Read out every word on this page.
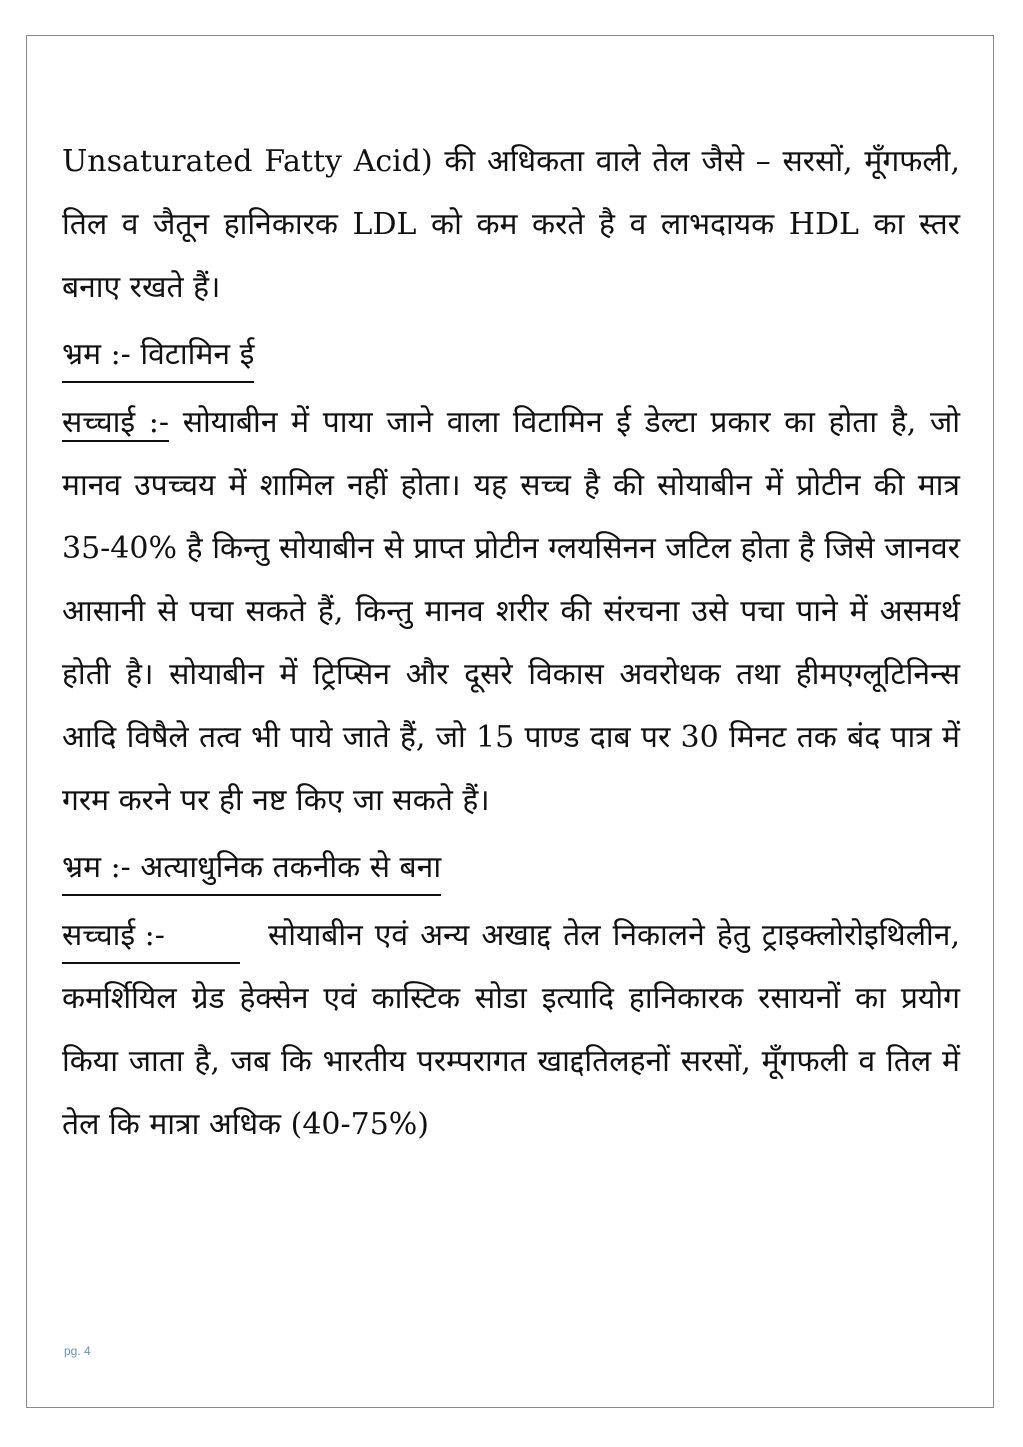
Unsaturated Fatty Acid) की अधिकता वाले तेल जैसे – सरसों, मूँगफली, तिल व जैतून हानिकारक LDL को कम करते है व लाभदायक HDL का स्तर बनाए रखते हैं।

भ्रम :- विटामिन ई

सच्चाई :- सोयाबीन में पाया जाने वाला विटामिन ई डेल्टा प्रकार का होता है, जो मानव उपच्चय में शामिल नहीं होता। यह सच्च है की सोयाबीन में प्रोटीन की मात्र 35-40% है किन्तु सोयाबीन से प्राप्त प्रोटीन ग्लयसिनन जटिल होता है जिसे जानवर आसानी से पचा सकते हैं, किन्तु मानव शरीर की संरचना उसे पचा पाने में असमर्थ होती है। सोयाबीन में ट्रिप्सिन और दूसरे विकास अवरोधक तथा हीमएग्लूटिनिन्स आदि विषैले तत्व भी पाये जाते हैं, जो 15 पाण्ड दाब पर 30 मिनट तक बंद पात्र में गरम करने पर ही नष्ट किए जा सकते हैं।

भ्रम :- अत्याधुनिक तकनीक से बना

सच्चाई :-	सोयाबीन एवं अन्य अखाद्द तेल निकालने हेतु ट्राइक्लोरोइथिलीन, कमर्शियिल ग्रेड हेक्सेन एवं कास्टिक सोडा इत्यादि हानिकारक रसायनों का प्रयोग किया जाता है, जब कि भारतीय परम्परागत खाद्दतिलहनों सरसों, मूँगफली व तिल में तेल कि मात्रा अधिक (40-75%)

pg. 4
